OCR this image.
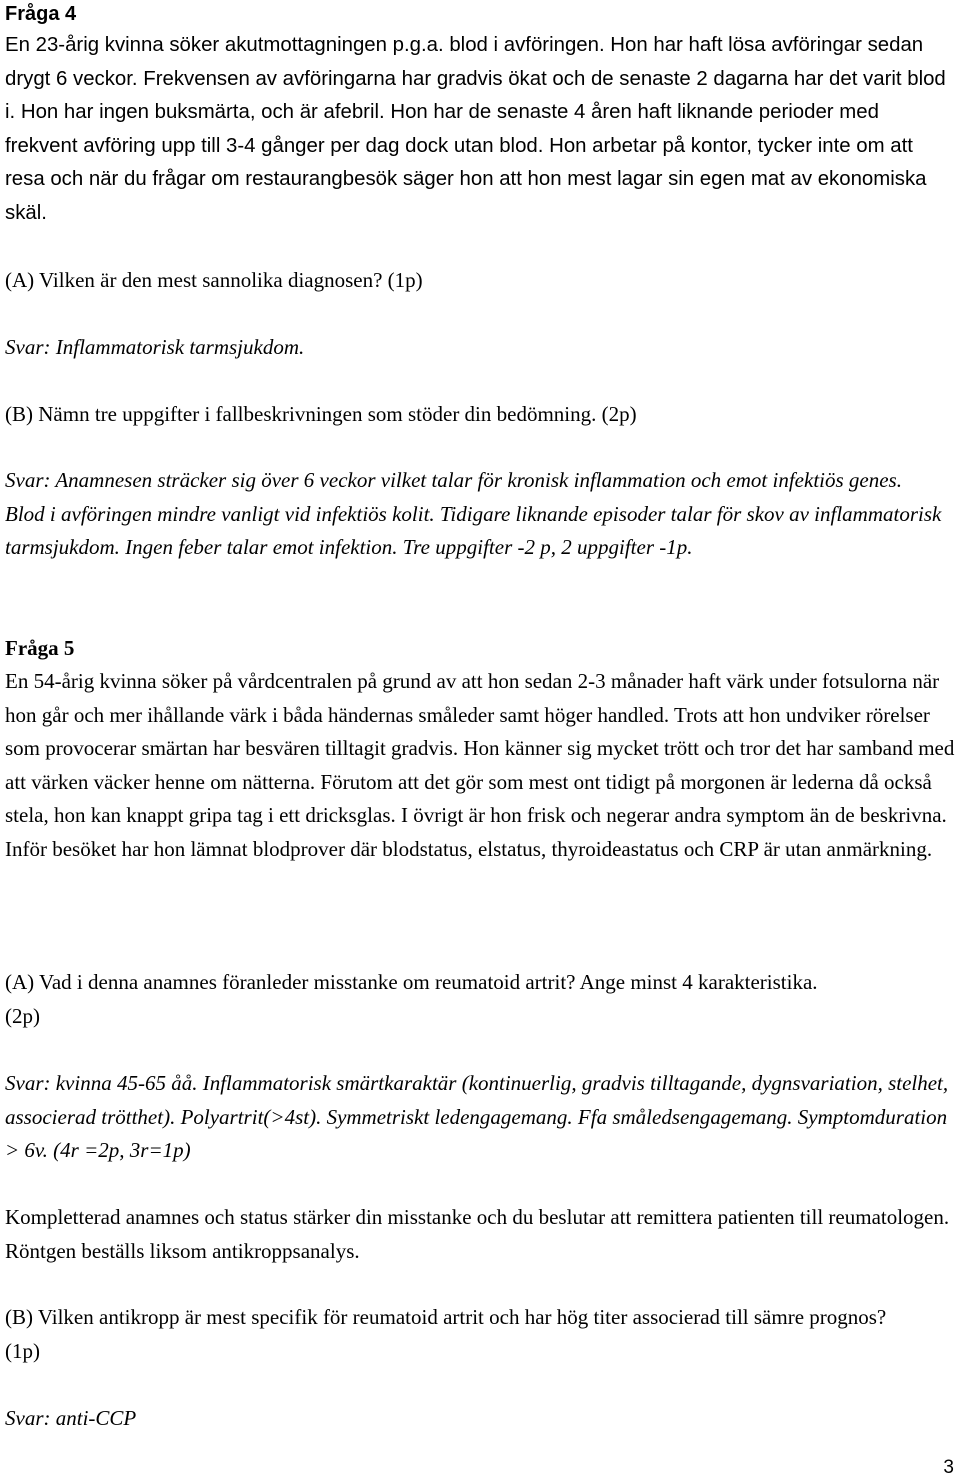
Fråga 4

En 23-årig kvinna söker akutmottagningen p.g.a. blod i avföringen. Hon har haft lösa avföringar sedan drygt 6 veckor. Frekvensen av avföringarna har gradvis ökat och de senaste 2 dagarna har det varit blod i. Hon har ingen buksmärta, och är afebril. Hon har de senaste 4 åren haft liknande perioder med frekvent avföring upp till 3-4 gånger per dag dock utan blod. Hon arbetar på kontor, tycker inte om att resa och när du frågar om restaurangbesök säger hon att hon mest lagar sin egen mat av ekonomiska skäl.

(A) Vilken är den mest sannolika diagnosen? (1p)

Svar: Inflammatorisk tarmsjukdom.

(B) Nämn tre uppgifter i fallbeskrivningen som stöder din bedömning. (2p)

Svar: Anamnesen sträcker sig över 6 veckor vilket talar för kronisk inflammation och emot infektiös genes. Blod i avföringen mindre vanligt vid infektiös kolit. Tidigare liknande episoder talar för skov av inflammatorisk tarmsjukdom. Ingen feber talar emot infektion. Tre uppgifter -2 p, 2 uppgifter -1p.

Fråga 5

En 54-årig kvinna söker på vårdcentralen på grund av att hon sedan 2-3 månader haft värk under fotsulorna när hon går och mer ihållande värk i båda händernas småleder samt höger handled. Trots att hon undviker rörelser som provocerar smärtan har besvären tilltagit gradvis. Hon känner sig mycket trött och tror det har samband med att värken väcker henne om nätterna. Förutom att det gör som mest ont tidigt på morgonen är lederna då också stela, hon kan knappt gripa tag i ett dricksglas. I övrigt är hon frisk och negerar andra symptom än de beskrivna. Inför besöket har hon lämnat blodprover där blodstatus, elstatus, thyroideastatus och CRP är utan anmärkning.

(A) Vad i denna anamnes föranleder misstanke om reumatoid artrit? Ange minst 4 karakteristika. (2p)

Svar: kvinna 45-65 åå. Inflammatorisk smärtkaraktär (kontinuerlig, gradvis tilltagande, dygnsvariation, stelhet, associerad trötthet). Polyartrit(>4st). Symmetriskt ledengagemang. Ffa småledsengagemang. Symptomduration > 6v. (4r =2p, 3r=1p)

Kompletterad anamnes och status stärker din misstanke och du beslutar att remittera patienten till reumatologen. Röntgen beställs liksom antikroppsanalys.

(B) Vilken antikropp är mest specifik för reumatoid artrit och har hög titer associerad till sämre prognos? (1p)

Svar: anti-CCP

3
